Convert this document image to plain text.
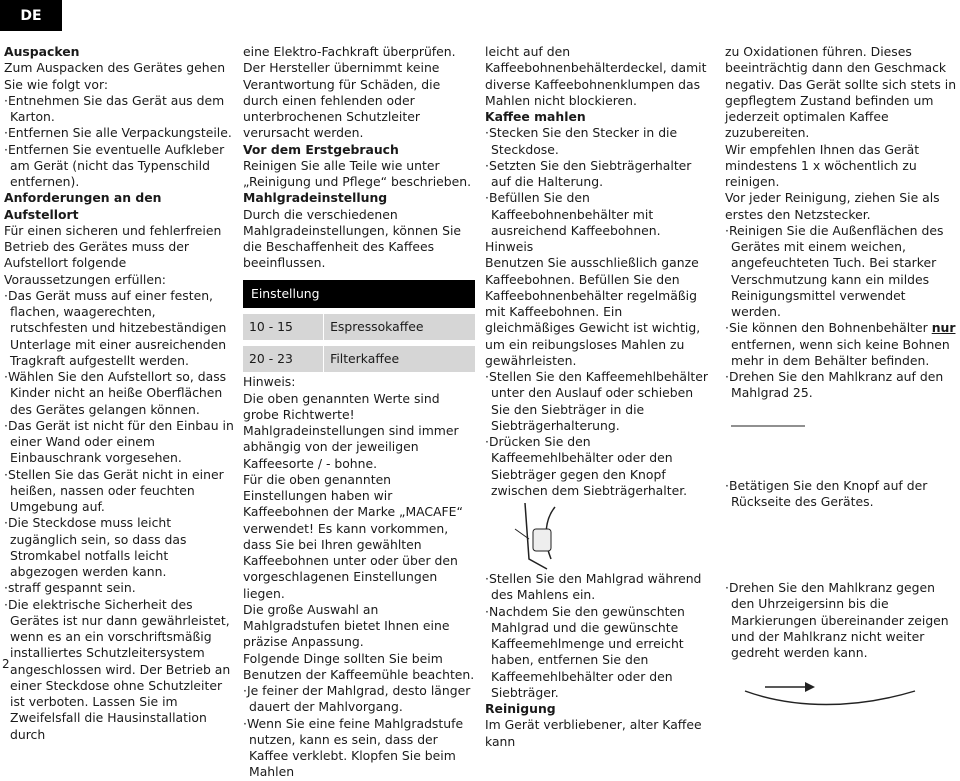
DE

Auspacken

Zum Auspacken des Gerätes gehen Sie wie folgt vor:

·Entnehmen Sie das Gerät aus dem Karton.

·Entfernen Sie alle Verpackungsteile.

·Entfernen Sie eventuelle Aufkleber am Gerät (nicht das Typenschild entfernen).

Anforderungen an den Aufstellort

Für einen sicheren und fehlerfreien Betrieb des Gerätes muss der Aufstellort folgende Voraussetzungen erfüllen:

·Das Gerät muss auf einer festen, flachen, waagerechten, rutschfesten und hitzebeständigen Unterlage mit einer ausreichenden Tragkraft aufgestellt werden.

·Wählen Sie den Aufstellort so, dass Kinder nicht an heiße Oberflächen des Gerätes gelangen können.

·Das Gerät ist nicht für den Einbau in einer Wand oder einem Einbauschrank vorgesehen.

·Stellen Sie das Gerät nicht in einer heißen, nassen oder feuchten Umgebung auf.

·Die Steckdose muss leicht zugänglich sein, so dass das Stromkabel notfalls leicht abgezogen werden kann.

·straff gespannt sein.

·Die elektrische Sicherheit des Gerätes ist nur dann gewährleistet, wenn es an ein vorschriftsmäßig installiertes Schutzleitersystem angeschlossen wird. Der Betrieb an einer Steckdose ohne Schutzleiter ist verboten. Lassen Sie im Zweifelsfall die Hausinstallation durch

eine Elektro-Fachkraft überprüfen. Der Hersteller übernimmt keine Verantwortung für Schäden, die durch einen fehlenden oder unterbrochenen Schutzleiter verursacht werden.

Vor dem Erstgebrauch

Reinigen Sie alle Teile wie unter „Reinigung und Pflege“ beschrieben.

Mahlgradeinstellung

Durch die verschiedenen Mahlgradeinstellungen, können Sie die Beschaffenheit des Kaffees beeinflussen.

Einstellung	
10 - 15	Espressokaffee
20 - 23	Filterkaffee

Hinweis:

Die oben genannten Werte sind grobe Richtwerte!

Mahlgradeinstellungen sind immer abhängig von der jeweiligen Kaffeesorte / - bohne.

Für die oben genannten Einstellungen haben wir Kaffeebohnen der Marke „MACAFE“ verwendet! Es kann vorkommen, dass Sie bei Ihren gewählten Kaffeebohnen unter oder über den vorgeschlagenen Einstellungen liegen.

Die große Auswahl an Mahlgradstufen bietet Ihnen eine präzise Anpassung.

Folgende Dinge sollten Sie beim Benutzen der Kaffeemühle beachten.

·Je feiner der Mahlgrad, desto länger dauert der Mahlvorgang.

·Wenn Sie eine feine Mahlgradstufe nutzen, kann es sein, dass der Kaffee verklebt. Klopfen Sie beim Mahlen

leicht auf den Kaffeebohnenbehälterdeckel, damit diverse Kaffeebohnenklumpen das Mahlen nicht blockieren.

Kaffee mahlen

·Stecken Sie den Stecker in die Steckdose.

·Setzten Sie den Siebträgerhalter auf die Halterung.

·Befüllen Sie den Kaffeebohnenbehälter mit ausreichend Kaffeebohnen.

Hinweis

Benutzen Sie ausschließlich ganze Kaffeebohnen. Befüllen Sie den Kaffeebohnenbehälter regelmäßig mit Kaffeebohnen. Ein gleichmäßiges Gewicht ist wichtig, um ein reibungsloses Mahlen zu gewährleisten.

·Stellen Sie den Kaffeemehlbehälter unter den Auslauf oder schieben Sie den Siebträger in die Siebträgerhalterung.

·Drücken Sie den Kaffeemehlbehälter oder den Siebträger gegen den Knopf zwischen dem Siebträgerhalter.

·Stellen Sie den Mahlgrad während des Mahlens ein.

·Nachdem Sie den gewünschten Mahlgrad und die gewünschte Kaffeemehlmenge und erreicht haben, entfernen Sie den Kaffeemehlbehälter oder den Siebträger.

Reinigung

Im Gerät verbliebener, alter Kaffee kann

zu Oxidationen führen. Dieses beeinträchtig dann den Geschmack negativ. Das Gerät sollte sich stets in gepflegtem Zustand befinden um jederzeit optimalen Kaffee zuzubereiten.

Wir empfehlen Ihnen das Gerät mindestens 1 x wöchentlich zu reinigen.

Vor jeder Reinigung, ziehen Sie als erstes den Netzstecker.

·Reinigen Sie die Außenflächen des Gerätes mit einem weichen, angefeuchteten Tuch. Bei starker Verschmutzung kann ein mildes Reinigungsmittel verwendet werden.

·Sie können den Bohnenbehälter nur entfernen, wenn sich keine Bohnen mehr in dem Behälter befinden.

·Drehen Sie den Mahlkranz auf den Mahlgrad 25.

·Betätigen Sie den Knopf auf der Rückseite des Gerätes.

·Drehen Sie den Mahlkranz gegen den Uhrzeigersinn bis die Markierungen übereinander zeigen und der Mahlkranz nicht weiter gedreht werden kann.

2
